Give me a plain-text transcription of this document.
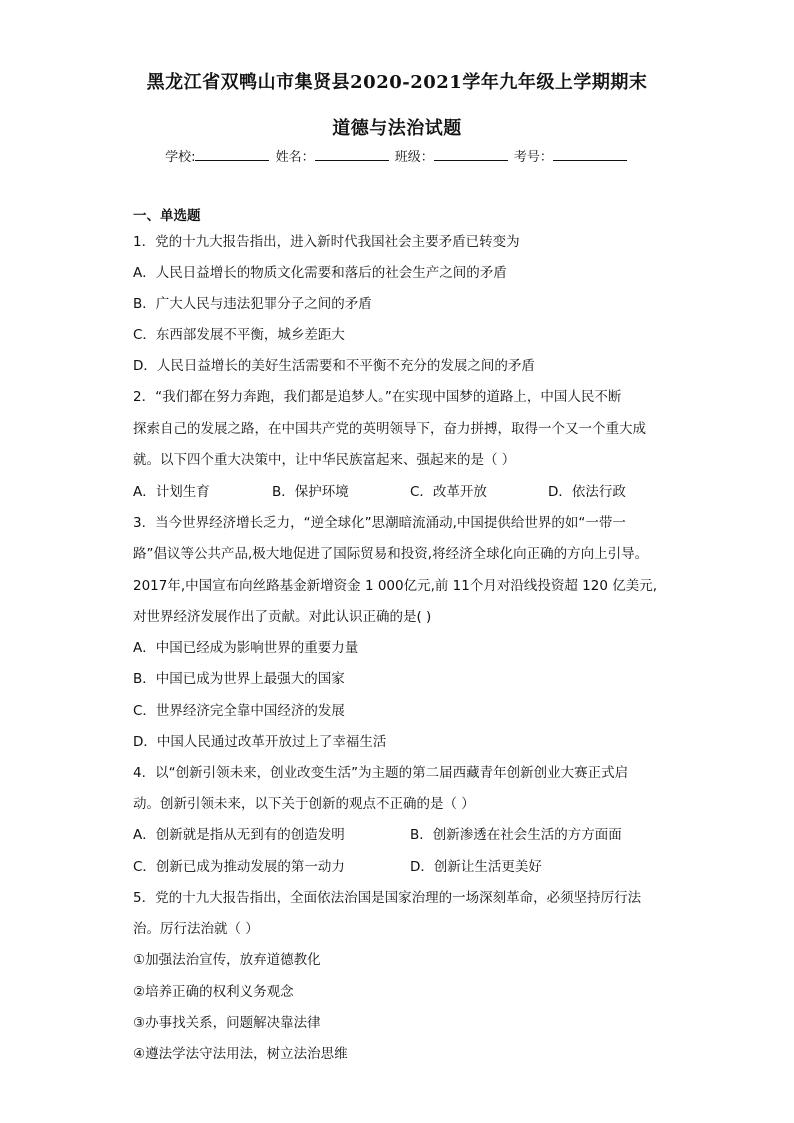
黑龙江省双鸭山市集贤县2020-2021学年九年级上学期期末
道德与法治试题
学校:	姓名：	班级：	考号：
一、单选题
1．党的十九大报告指出，进入新时代我国社会主要矛盾已转变为
A．人民日益增长的物质文化需要和落后的社会生产之间的矛盾
B．广大人民与违法犯罪分子之间的矛盾
C．东西部发展不平衡，城乡差距大
D．人民日益增长的美好生活需要和不平衡不充分的发展之间的矛盾
2．“我们都在努力奔跑，我们都是追梦人。”在实现中国梦的道路上，中国人民不断
探索自己的发展之路，在中国共产党的英明领导下，奋力拼搏，取得一个又一个重大成
就。以下四个重大决策中，让中华民族富起来、强起来的是（ ）
A．计划生育	B．保护环境	C．改革开放	D．依法行政
3．当今世界经济增长乏力，“逆全球化”思潮暗流涌动,中国提供给世界的如“一带一
路”倡议等公共产品,极大地促进了国际贸易和投资,将经济全球化向正确的方向上引导。
2017年,中国宣布向丝路基金新增资金 1 000亿元,前 11个月对沿线投资超 120 亿美元,
对世界经济发展作出了贡献。对此认识正确的是( )
A．中国已经成为影响世界的重要力量
B．中国已成为世界上最强大的国家
C．世界经济完全靠中国经济的发展
D．中国人民通过改革开放过上了幸福生活
4．以“创新引领未来，创业改变生活”为主题的第二届西藏青年创新创业大赛正式启
动。创新引领未来，以下关于创新的观点不正确的是（ ）
A．创新就是指从无到有的创造发明	B．创新渗透在社会生活的方方面面
C．创新已成为推动发展的第一动力	D．创新让生活更美好
5．党的十九大报告指出，全面依法治国是国家治理的一场深刻革命，必须坚持厉行法
治。厉行法治就（ ）
①加强法治宣传，放弃道德教化
②培养正确的权利义务观念
③办事找关系，问题解决靠法律
④遵法学法守法用法，树立法治思维
